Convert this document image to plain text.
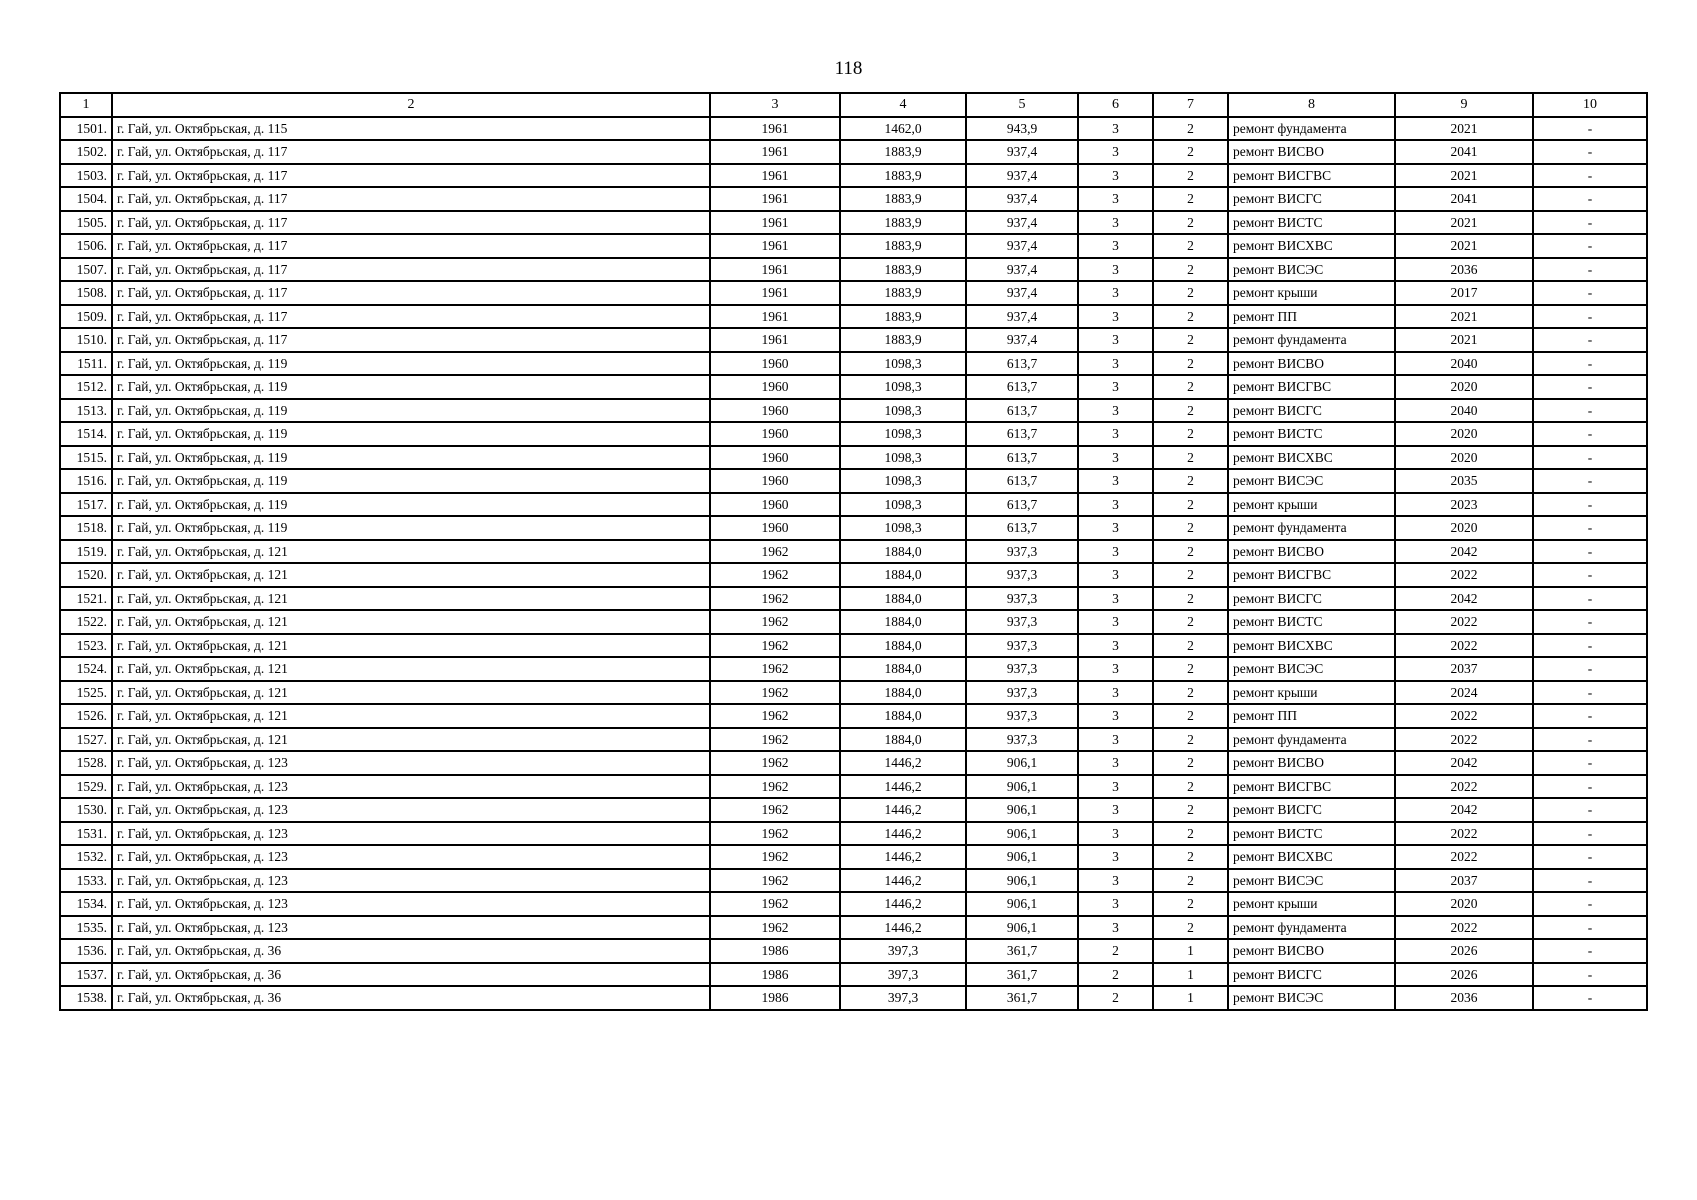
118
1	2	3	4	5	6	7	8	9	10
1501.	г. Гай, ул. Октябрьская, д. 115	1961	1462,0	943,9	3	2	ремонт фундамента	2021	-
1502.	г. Гай, ул. Октябрьская, д. 117	1961	1883,9	937,4	3	2	ремонт ВИСВО	2041	-
1503.	г. Гай, ул. Октябрьская, д. 117	1961	1883,9	937,4	3	2	ремонт ВИСГВС	2021	-
1504.	г. Гай, ул. Октябрьская, д. 117	1961	1883,9	937,4	3	2	ремонт ВИСГС	2041	-
1505.	г. Гай, ул. Октябрьская, д. 117	1961	1883,9	937,4	3	2	ремонт ВИСТС	2021	-
1506.	г. Гай, ул. Октябрьская, д. 117	1961	1883,9	937,4	3	2	ремонт ВИСХВС	2021	-
1507.	г. Гай, ул. Октябрьская, д. 117	1961	1883,9	937,4	3	2	ремонт ВИСЭС	2036	-
1508.	г. Гай, ул. Октябрьская, д. 117	1961	1883,9	937,4	3	2	ремонт крыши	2017	-
1509.	г. Гай, ул. Октябрьская, д. 117	1961	1883,9	937,4	3	2	ремонт ПП	2021	-
1510.	г. Гай, ул. Октябрьская, д. 117	1961	1883,9	937,4	3	2	ремонт фундамента	2021	-
1511.	г. Гай, ул. Октябрьская, д. 119	1960	1098,3	613,7	3	2	ремонт ВИСВО	2040	-
1512.	г. Гай, ул. Октябрьская, д. 119	1960	1098,3	613,7	3	2	ремонт ВИСГВС	2020	-
1513.	г. Гай, ул. Октябрьская, д. 119	1960	1098,3	613,7	3	2	ремонт ВИСГС	2040	-
1514.	г. Гай, ул. Октябрьская, д. 119	1960	1098,3	613,7	3	2	ремонт ВИСТС	2020	-
1515.	г. Гай, ул. Октябрьская, д. 119	1960	1098,3	613,7	3	2	ремонт ВИСХВС	2020	-
1516.	г. Гай, ул. Октябрьская, д. 119	1960	1098,3	613,7	3	2	ремонт ВИСЭС	2035	-
1517.	г. Гай, ул. Октябрьская, д. 119	1960	1098,3	613,7	3	2	ремонт крыши	2023	-
1518.	г. Гай, ул. Октябрьская, д. 119	1960	1098,3	613,7	3	2	ремонт фундамента	2020	-
1519.	г. Гай, ул. Октябрьская, д. 121	1962	1884,0	937,3	3	2	ремонт ВИСВО	2042	-
1520.	г. Гай, ул. Октябрьская, д. 121	1962	1884,0	937,3	3	2	ремонт ВИСГВС	2022	-
1521.	г. Гай, ул. Октябрьская, д. 121	1962	1884,0	937,3	3	2	ремонт ВИСГС	2042	-
1522.	г. Гай, ул. Октябрьская, д. 121	1962	1884,0	937,3	3	2	ремонт ВИСТС	2022	-
1523.	г. Гай, ул. Октябрьская, д. 121	1962	1884,0	937,3	3	2	ремонт ВИСХВС	2022	-
1524.	г. Гай, ул. Октябрьская, д. 121	1962	1884,0	937,3	3	2	ремонт ВИСЭС	2037	-
1525.	г. Гай, ул. Октябрьская, д. 121	1962	1884,0	937,3	3	2	ремонт крыши	2024	-
1526.	г. Гай, ул. Октябрьская, д. 121	1962	1884,0	937,3	3	2	ремонт ПП	2022	-
1527.	г. Гай, ул. Октябрьская, д. 121	1962	1884,0	937,3	3	2	ремонт фундамента	2022	-
1528.	г. Гай, ул. Октябрьская, д. 123	1962	1446,2	906,1	3	2	ремонт ВИСВО	2042	-
1529.	г. Гай, ул. Октябрьская, д. 123	1962	1446,2	906,1	3	2	ремонт ВИСГВС	2022	-
1530.	г. Гай, ул. Октябрьская, д. 123	1962	1446,2	906,1	3	2	ремонт ВИСГС	2042	-
1531.	г. Гай, ул. Октябрьская, д. 123	1962	1446,2	906,1	3	2	ремонт ВИСТС	2022	-
1532.	г. Гай, ул. Октябрьская, д. 123	1962	1446,2	906,1	3	2	ремонт ВИСХВС	2022	-
1533.	г. Гай, ул. Октябрьская, д. 123	1962	1446,2	906,1	3	2	ремонт ВИСЭС	2037	-
1534.	г. Гай, ул. Октябрьская, д. 123	1962	1446,2	906,1	3	2	ремонт крыши	2020	-
1535.	г. Гай, ул. Октябрьская, д. 123	1962	1446,2	906,1	3	2	ремонт фундамента	2022	-
1536.	г. Гай, ул. Октябрьская, д. 36	1986	397,3	361,7	2	1	ремонт ВИСВО	2026	-
1537.	г. Гай, ул. Октябрьская, д. 36	1986	397,3	361,7	2	1	ремонт ВИСГС	2026	-
1538.	г. Гай, ул. Октябрьская, д. 36	1986	397,3	361,7	2	1	ремонт ВИСЭС	2036	-
